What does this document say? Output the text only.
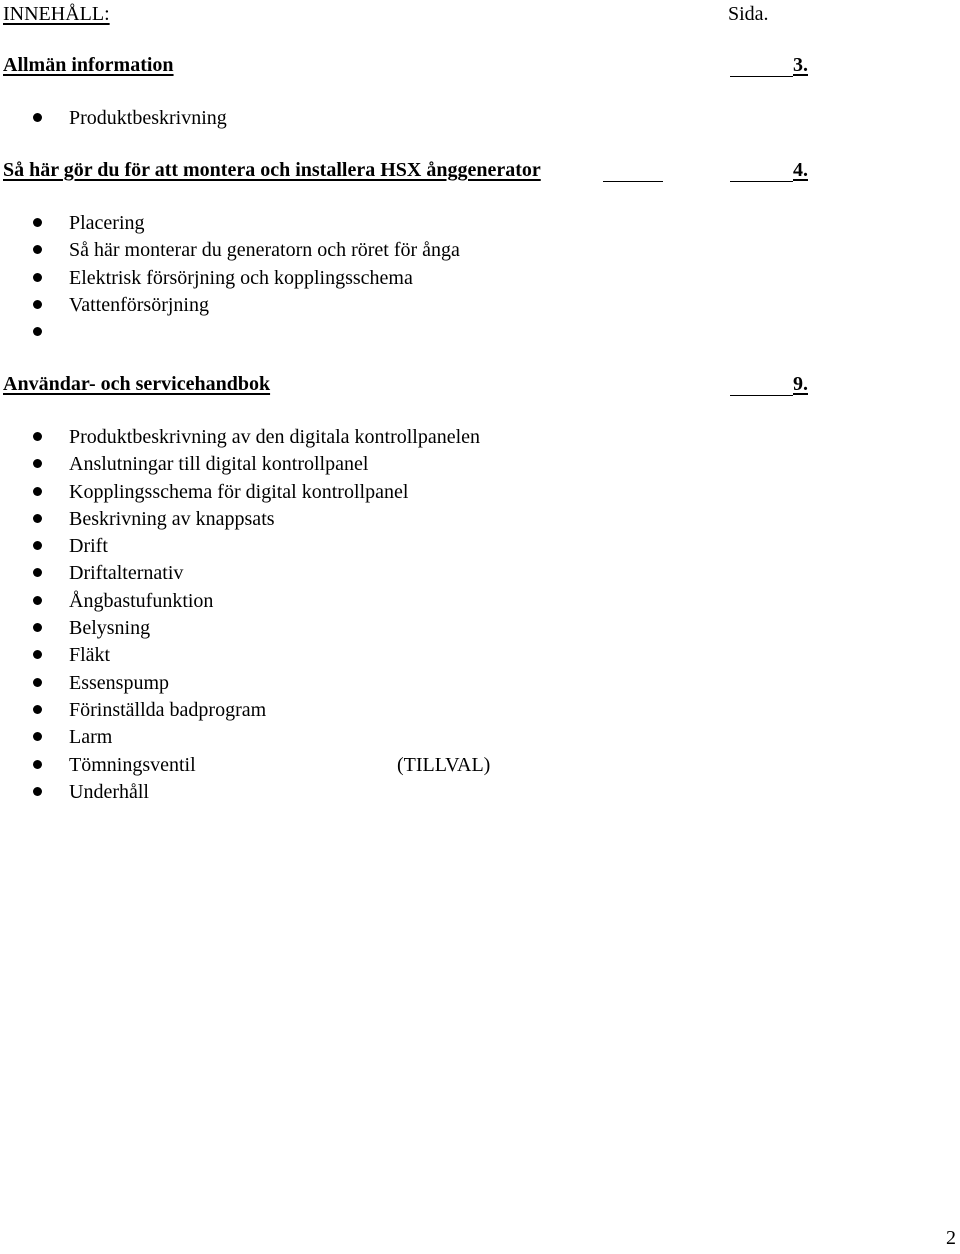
INNEHÅLL:	Sida.
Allmän information	3.
Produktbeskrivning
Så här gör du för att montera och installera HSX ånggenerator	4.
Placering
Så här monterar du generatorn och röret för ånga
Elektrisk försörjning och kopplingsschema
Vattenförsörjning
Användar- och servicehandbok	9.
Produktbeskrivning av den digitala kontrollpanelen
Anslutningar till digital kontrollpanel
Kopplingsschema för digital kontrollpanel
Beskrivning av knappsats
Drift
Driftalternativ
Ångbastufunktion
Belysning
Fläkt
Essenspump
Förinställda badprogram
Larm
Tömningsventil	(TILLVAL)
Underhåll
2
